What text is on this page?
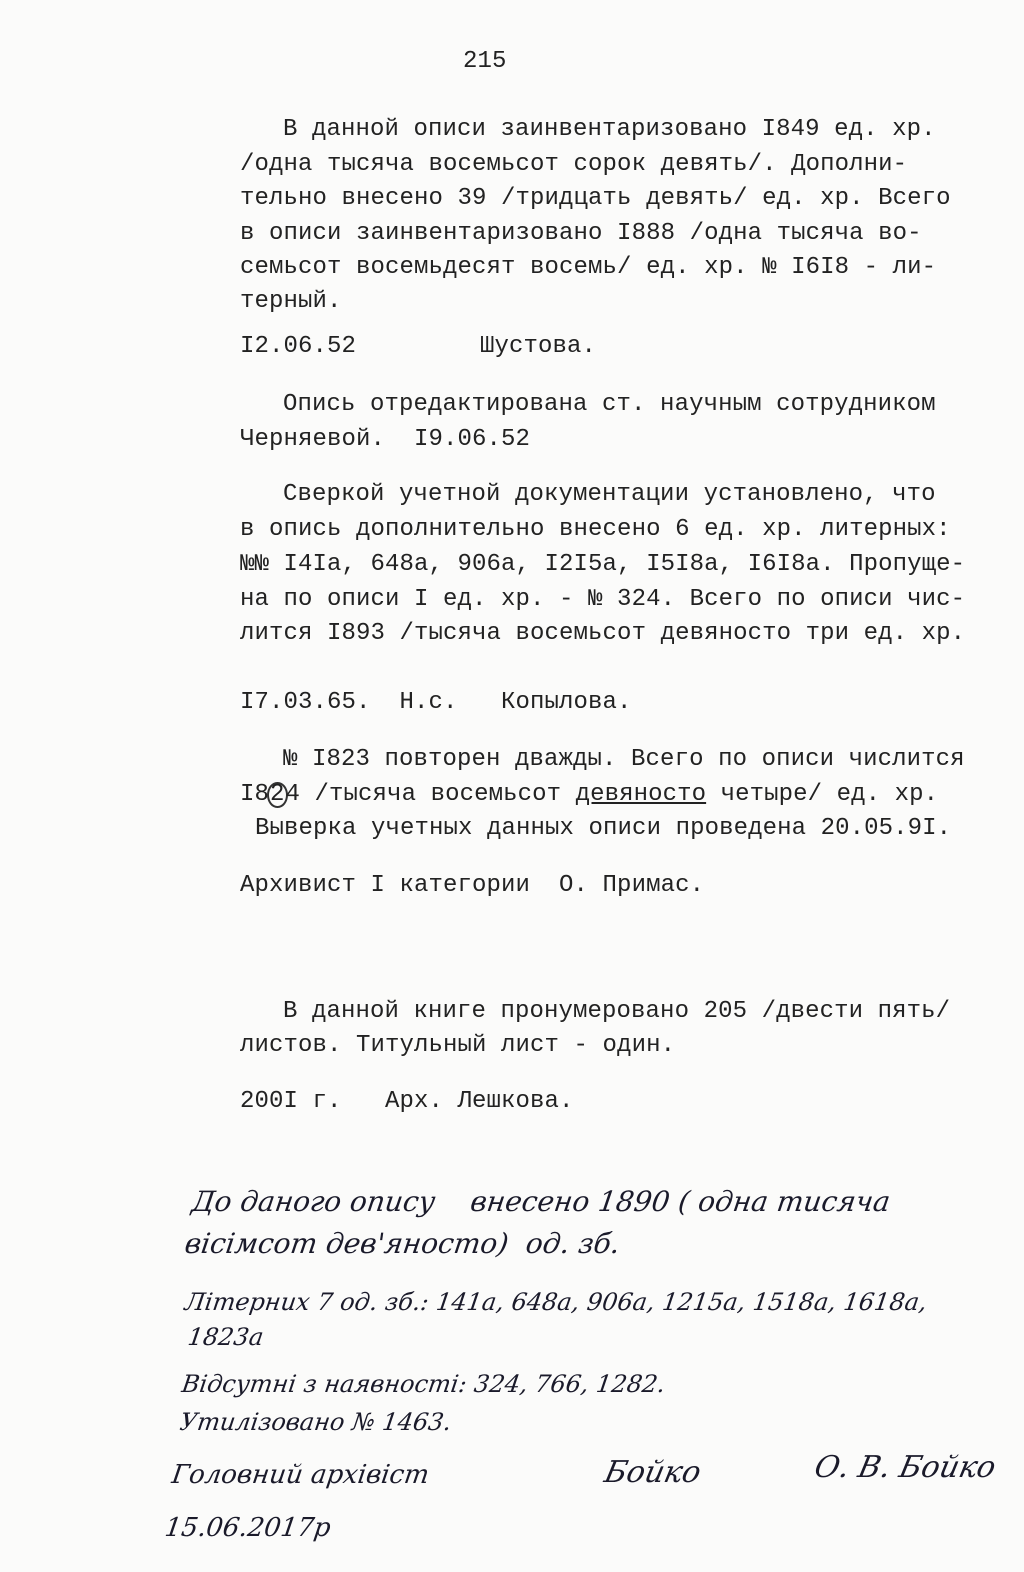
215
В данной описи заинвентаризовано I849 ед. хр.
/одна тысяча восемьсот сорок девять/. Дополни-
тельно внесено 39 /тридцать девять/ ед. хр. Всего
в описи заинвентаризовано I888 /одна тысяча во-
семьсот восемьдесят восемь/ ед. хр. № I6I8 - ли-
терный.
I2.06.52	Шустова.
Опись отредактирована ст. научным сотрудником
Черняевой.  I9.06.52
Сверкой учетной документации установлено, что
в опись дополнительно внесено 6 ед. хр. литерных:
№№ I4Iа, 648а, 906а, I2I5а, I5I8а, I6I8а. Пропуще-
на по описи I ед. хр. - № 324. Всего по описи чис-
лится I893 /тысяча восемьсот девяносто три ед. хр.
I7.03.65.  Н.с.   Копылова.
№ I823 повторен дважды. Всего по описи числится
I824 /тысяча восемьсот девяносто четыре/ ед. хр.
Выверка учетных данных описи проведена 20.05.9I.
Архивист I категории  О. Примас.
В данной книге пронумеровано 205 /двести пять/
листов. Титульный лист - один.
200I г.   Арх. Лешкова.
До даного опису    внесено 1890 ( одна тисяча
вісімсот дев'яносто)  од. зб.
Літерних 7 од. зб.: 141а, 648а, 906а, 1215а, 1518а, 1618а,
1823а
Відсутні з наявності: 324, 766, 1282.
Утилізовано № 1463.
Головний архівіст
15.06.2017р
Бойко	О. В. Бойко
